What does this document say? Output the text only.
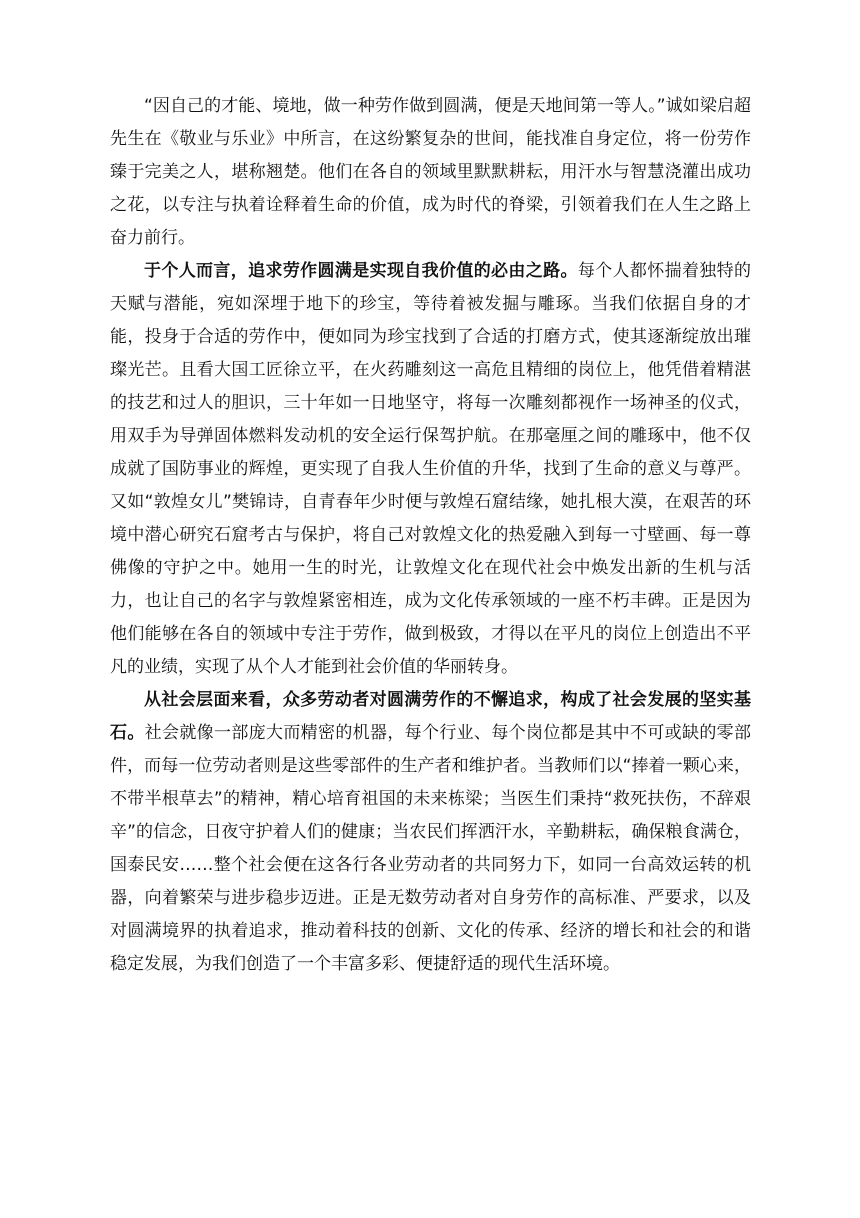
“因自己的才能、境地，做一种劳作做到圆满，便是天地间第一等人。”诚如梁启超先生在《敬业与乐业》中所言，在这纷繁复杂的世间，能找准自身定位，将一份劳作臻于完美之人，堪称翘楚。他们在各自的领域里默默耕耘，用汗水与智慧浇灌出成功之花，以专注与执着诠释着生命的价值，成为时代的脊梁，引领着我们在人生之路上奋力前行。

于个人而言，追求劳作圆满是实现自我价值的必由之路。每个人都怀揣着独特的天赋与潜能，宛如深埋于地下的珍宝，等待着被发掘与雕琢。当我们依据自身的才能，投身于合适的劳作中，便如同为珍宝找到了合适的打磨方式，使其逐渐绽放出璀璨光芒。且看大国工匠徐立平，在火药雕刻这一高危且精细的岗位上，他凭借着精湛的技艺和过人的胆识，三十年如一日地坚守，将每一次雕刻都视作一场神圣的仪式，用双手为导弹固体燃料发动机的安全运行保驾护航。在那毫厘之间的雕琢中，他不仅成就了国防事业的辉煌，更实现了自我人生价值的升华，找到了生命的意义与尊严。又如“敦煌女儿”樊锦诗，自青春年少时便与敦煌石窟结缘，她扎根大漠，在艰苦的环境中潜心研究石窟考古与保护，将自己对敦煌文化的热爱融入到每一寸壁画、每一尊佛像的守护之中。她用一生的时光，让敦煌文化在现代社会中焕发出新的生机与活力，也让自己的名字与敦煌紧密相连，成为文化传承领域的一座不朽丰碑。正是因为他们能够在各自的领域中专注于劳作，做到极致，才得以在平凡的岗位上创造出不平凡的业绩，实现了从个人才能到社会价值的华丽转身。

从社会层面来看，众多劳动者对圆满劳作的不懈追求，构成了社会发展的坚实基石。社会就像一部庞大而精密的机器，每个行业、每个岗位都是其中不可或缺的零部件，而每一位劳动者则是这些零部件的生产者和维护者。当教师们以“捧着一颗心来，不带半根草去”的精神，精心培育祖国的未来栋梁；当医生们秉持“救死扶伤，不辞艰辛”的信念，日夜守护着人们的健康；当农民们挥洒汗水，辛勤耕耘，确保粮食满仓，国泰民安……整个社会便在这各行各业劳动者的共同努力下，如同一台高效运转的机器，向着繁荣与进步稳步迈进。正是无数劳动者对自身劳作的高标准、严要求，以及对圆满境界的执着追求，推动着科技的创新、文化的传承、经济的增长和社会的和谐稳定发展，为我们创造了一个丰富多彩、便捷舒适的现代生活环境。
